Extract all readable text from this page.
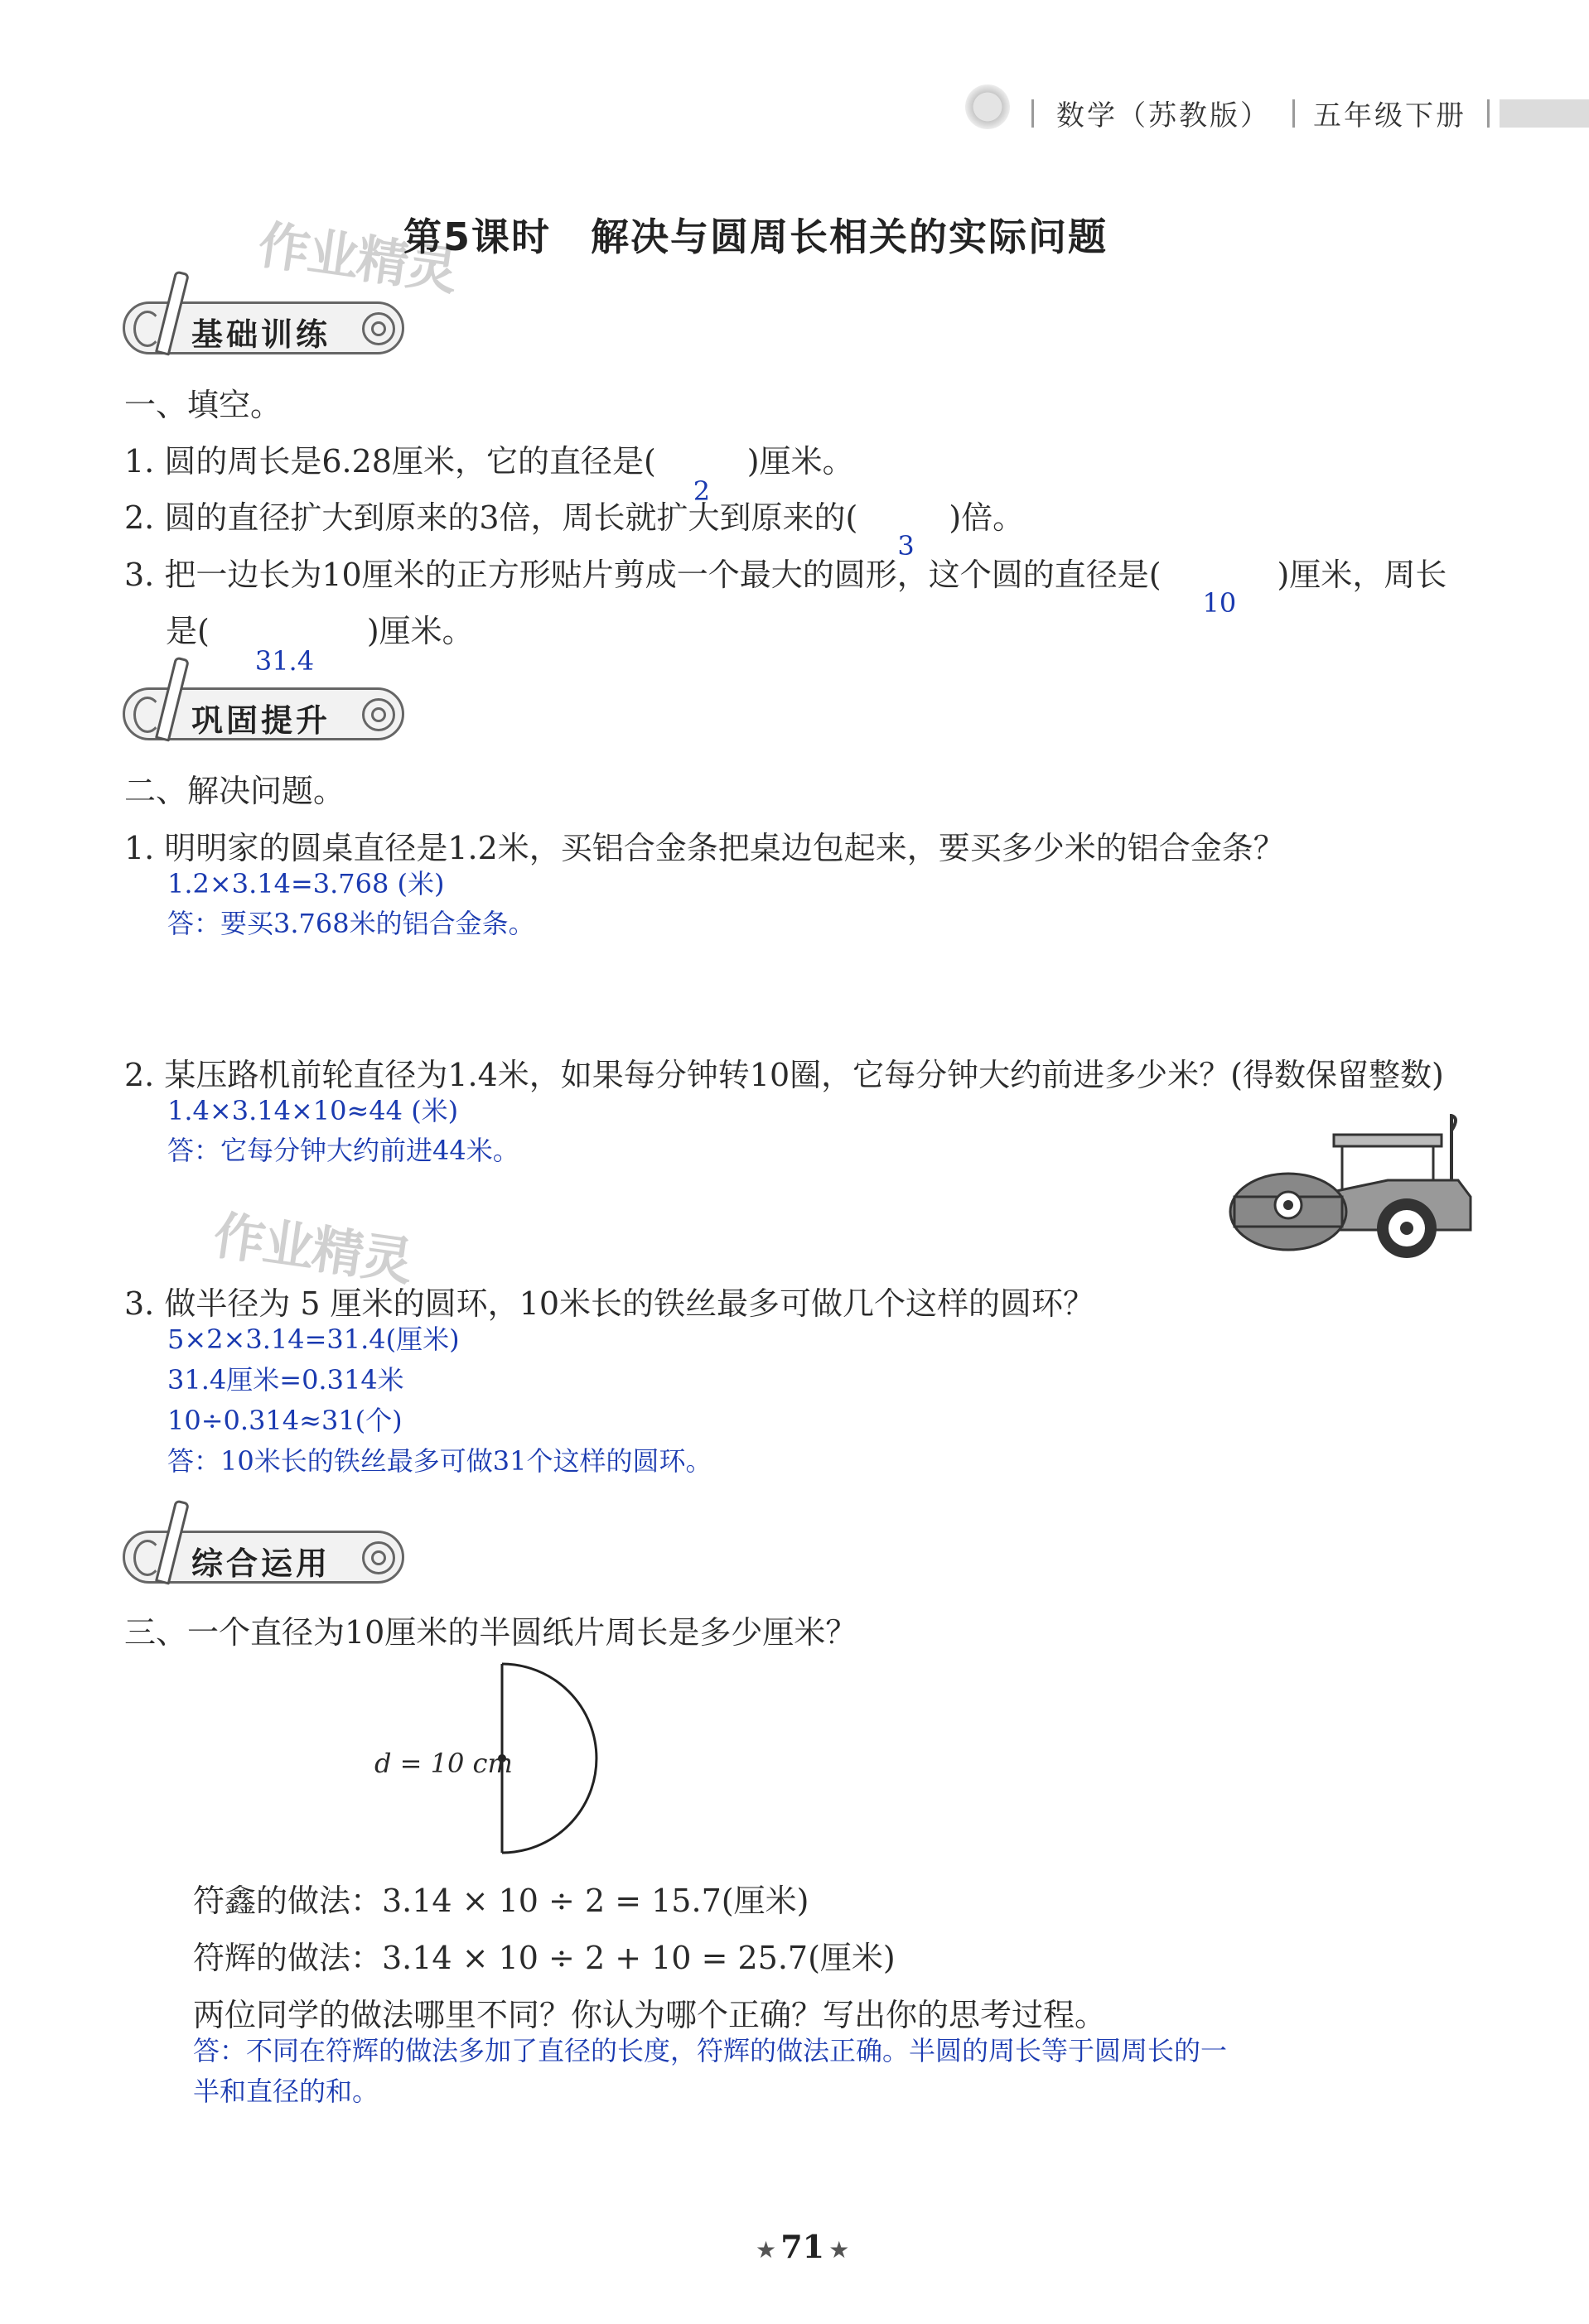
数学（苏教版） 五年级下册
作业精灵
第5课时　解决与圆周长相关的实际问题
基础训练
一、填空。
1. 圆的周长是6.28厘米，它的直径是(
2
)厘米。
2. 圆的直径扩大到原来的3倍，周长就扩大到原来的(
3
)倍。
3. 把一边长为10厘米的正方形贴片剪成一个最大的圆形，这个圆的直径是(
10
)厘米，周长
是(
31.4
)厘米。
巩固提升
二、解决问题。
1. 明明家的圆桌直径是1.2米，买铝合金条把桌边包起来，要买多少米的铝合金条？
1.2×3.14=3.768 (米)
答：要买3.768米的铝合金条。
2. 某压路机前轮直径为1.4米，如果每分钟转10圈，它每分钟大约前进多少米？(得数保留整数)
1.4×3.14×10≈44 (米)
答：它每分钟大约前进44米。
作业精灵
3. 做半径为 5 厘米的圆环，10米长的铁丝最多可做几个这样的圆环？
5×2×3.14=31.4(厘米)
31.4厘米=0.314米
10÷0.314≈31(个)
答：10米长的铁丝最多可做31个这样的圆环。
综合运用
三、一个直径为10厘米的半圆纸片周长是多少厘米？
d = 10 cm
符鑫的做法：3.14 × 10 ÷ 2 = 15.7(厘米)
符辉的做法：3.14 × 10 ÷ 2 + 10 = 25.7(厘米)
两位同学的做法哪里不同？你认为哪个正确？写出你的思考过程。
答：不同在符辉的做法多加了直径的长度，符辉的做法正确。半圆的周长等于圆周长的一
半和直径的和。
★ 71 ★
